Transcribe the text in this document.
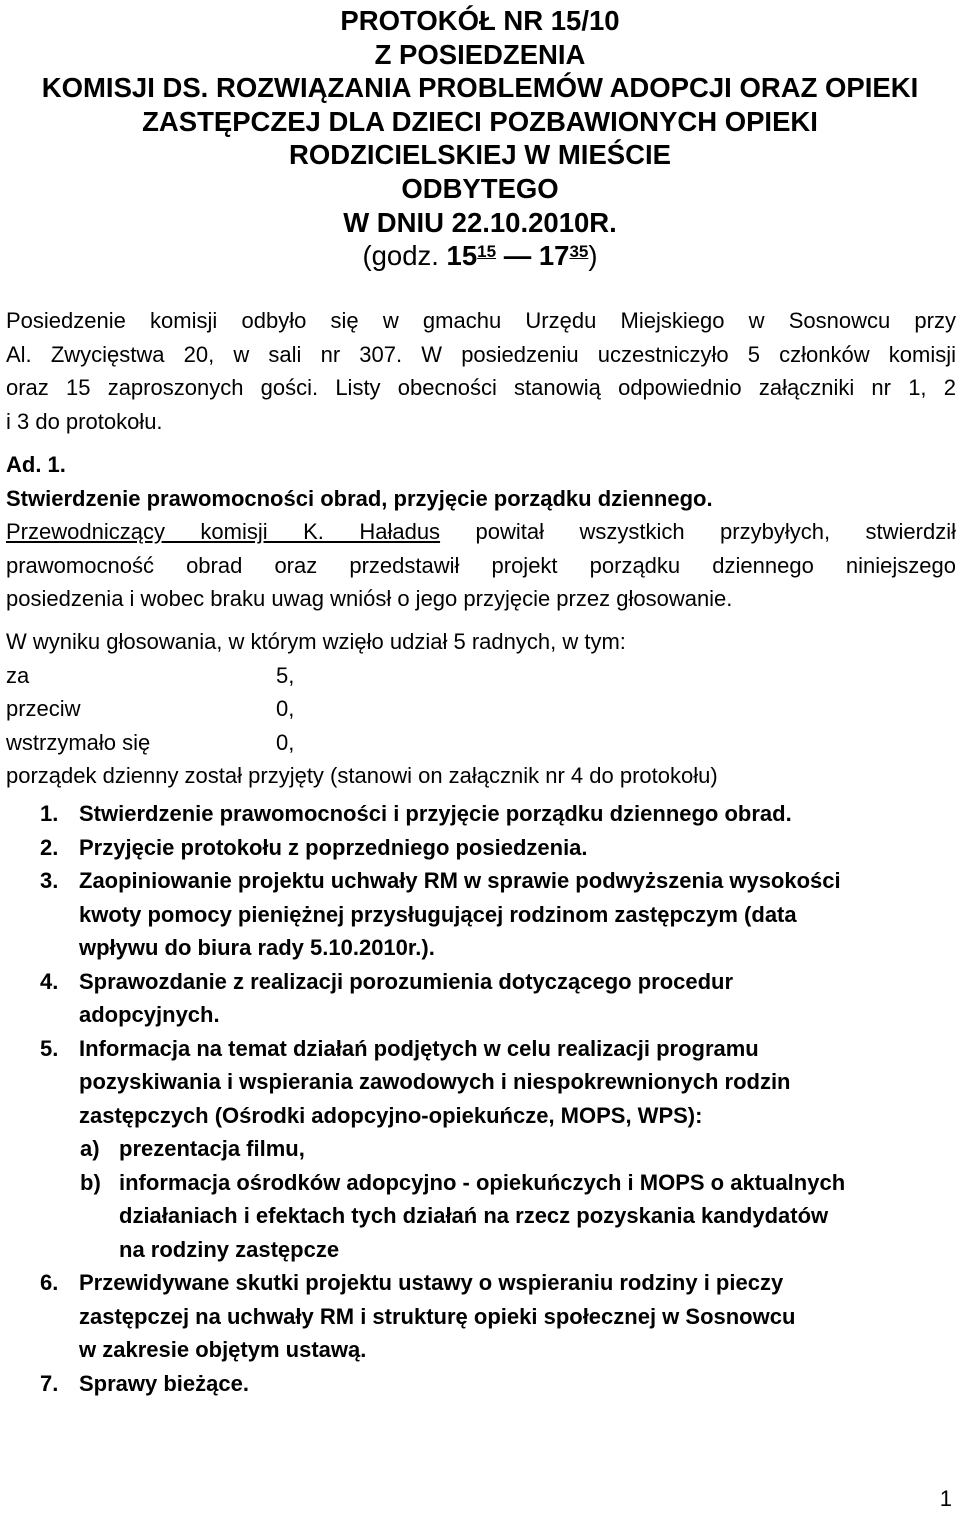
PROTOKÓŁ NR 15/10
Z POSIEDZENIA
KOMISJI DS. ROZWIĄZANIA PROBLEMÓW ADOPCJI ORAZ OPIEKI
ZASTĘPCZEJ DLA DZIECI POZBAWIONYCH OPIEKI
RODZICIELSKIEJ W MIEŚCIE
ODBYTEGO
W DNIU 22.10.2010R.
(godz. $15^{15}$ — $17^{35}$)
Posiedzenie komisji odbyło się w gmachu Urzędu Miejskiego w Sosnowcu przy
Al. Zwycięstwa 20, w sali nr 307. W posiedzeniu uczestniczyło 5 członków komisji
oraz 15 zaproszonych gości. Listy obecności stanowią odpowiednio załączniki nr 1, 2
i 3 do protokołu.
Ad. 1.
Stwierdzenie prawomocności obrad, przyjęcie porządku dziennego.
Przewodniczący komisji K. Haładus powitał wszystkich przybyłych, stwierdził
prawomocność obrad oraz przedstawił projekt porządku dziennego niniejszego
posiedzenia i wobec braku uwag wniósł o jego przyjęcie przez głosowanie.
W wyniku głosowania, w którym wzięło udział 5 radnych, w tym:
za	5,
przeciw	0,
wstrzymało się	0,
porządek dzienny został przyjęty (stanowi on załącznik nr 4 do protokołu)
1. Stwierdzenie prawomocności i przyjęcie porządku dziennego obrad.
2. Przyjęcie protokołu z poprzedniego posiedzenia.
3. Zaopiniowanie projektu uchwały RM w sprawie podwyższenia wysokości
kwoty pomocy pieniężnej przysługującej rodzinom zastępczym (data
wpływu do biura rady 5.10.2010r.).
4. Sprawozdanie z realizacji porozumienia dotyczącego procedur
adopcyjnych.
5. Informacja na temat działań podjętych w celu realizacji programu
pozyskiwania i wspierania zawodowych i niespokrewnionych rodzin
zastępczych (Ośrodki adopcyjno-opiekuńcze, MOPS, WPS):
a) prezentacja filmu,
b) informacja ośrodków adopcyjno - opiekuńczych i MOPS o aktualnych
działaniach i efektach tych działań na rzecz pozyskania kandydatów
na rodziny zastępcze
6. Przewidywane skutki projektu ustawy o wspieraniu rodziny i pieczy
zastępczej na uchwały RM i strukturę opieki społecznej w Sosnowcu
w zakresie objętym ustawą.
7. Sprawy bieżące.
1
